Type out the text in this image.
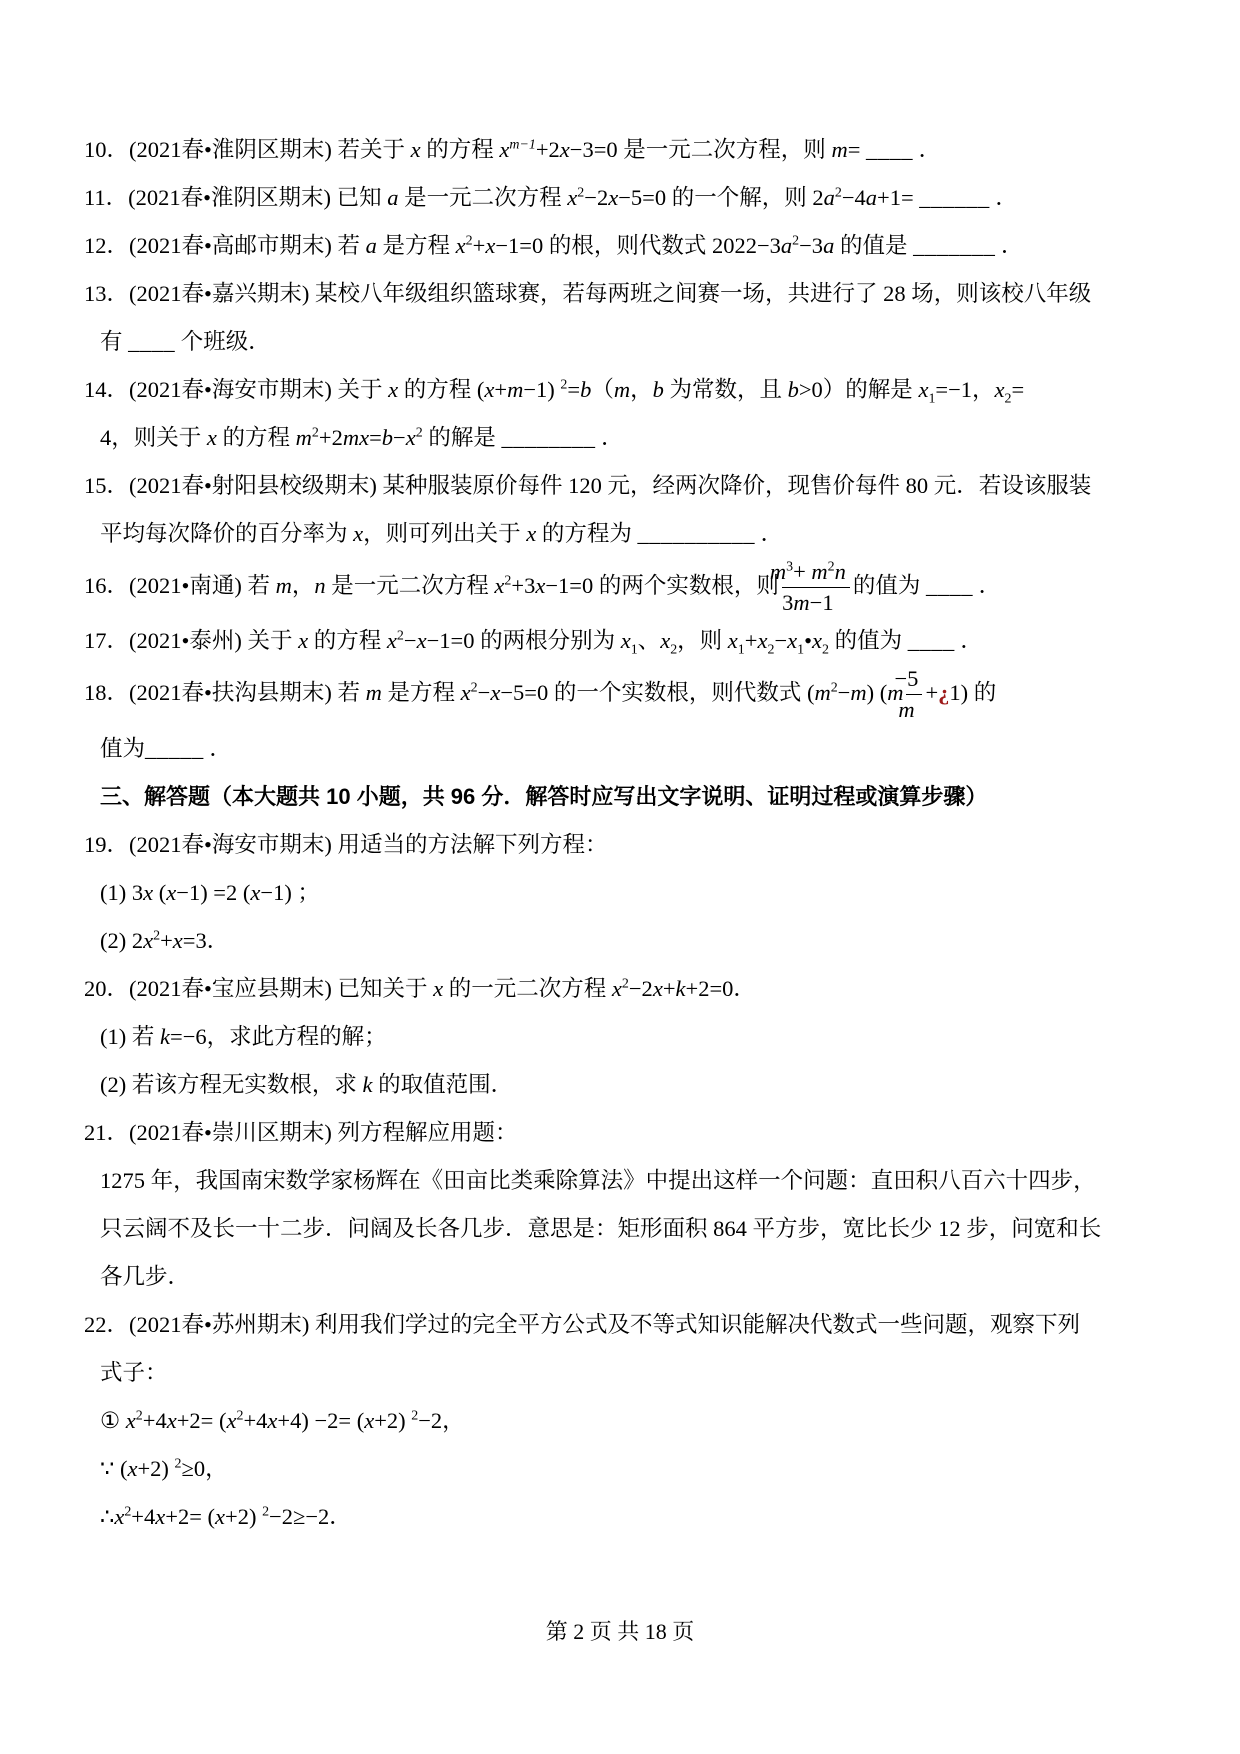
10．(2021春•淮阴区期末) 若关于 x 的方程 $x^{m-1}+2x-3=0$ 是一元二次方程，则 m= ____ ．

11．(2021春•淮阴区期末) 已知 a 是一元二次方程 $x^2-2x-5=0$ 的一个解，则 $2a^2-4a+1=$ ______ ．

12．(2021春•高邮市期末) 若 a 是方程 $x^2+x-1=0$ 的根，则代数式 $2022-3a^2-3a$ 的值是 _______ ．

13．(2021春•嘉兴期末) 某校八年级组织篮球赛，若每两班之间赛一场，共进行了 28 场，则该校八年级

有 ____ 个班级．

14．(2021春•海安市期末) 关于 x 的方程 (x+m−1) $^2$=b（m，b 为常数，且 b>0）的解是 $x_1=-1$，$x_2=$

4，则关于 x 的方程 $m^2+2mx=b-x^2$ 的解是 ________ ．

15．(2021春•射阳县校级期末) 某种服装原价每件 120 元，经两次降价，现售价每件 80 元．若设该服装

平均每次降价的百分率为 x，则可列出关于 x 的方程为 __________ ．

16．(2021•南通) 若 m，n 是一元二次方程 $x^2+3x-1=0$ 的两个实数根，则 $\frac{m^3+ m^2n}{3m-1}$ 的值为 ____ ．

17．(2021•泰州) 关于 x 的方程 $x^2-x-1=0$ 的两根分别为 $x_1$、$x_2$，则 $x_1+x_2-x_1•x_2$ 的值为 ____ ．

18．(2021春•扶沟县期末) 若 m 是方程 $x^2-x-5=0$ 的一个实数根，则代数式 $(m^2-m)$ ($m \frac{-5}{m}$ +¿1) 的

值为_____ ．

三、解答题（本大题共 10 小题，共 96 分．解答时应写出文字说明、证明过程或演算步骤）

19．(2021春•海安市期末) 用适当的方法解下列方程：

(1) 3x (x−1) =2 (x−1) ；

(2) $2x^2+x=3$．

20．(2021春•宝应县期末) 已知关于 x 的一元二次方程 $x^2-2x+k+2=0$．

(1) 若 k=−6，求此方程的解；

(2) 若该方程无实数根，求 k 的取值范围．

21．(2021春•崇川区期末) 列方程解应用题：

1275 年，我国南宋数学家杨辉在《田亩比类乘除算法》中提出这样一个问题：直田积八百六十四步，

只云阔不及长一十二步．问阔及长各几步．意思是：矩形面积 864 平方步，宽比长少 12 步，问宽和长

各几步．

22．(2021春•苏州期末) 利用我们学过的完全平方公式及不等式知识能解决代数式一些问题，观察下列

式子：

① $x^2+4x+2= (x^2+4x+4) -2= (x+2)$ $^2$−2，

∵ (x+2) $^2$≥0，

$\therefore x^2+4x+2= (x+2)$ $^2$−2≥−2．

第 2 页 共 18 页
